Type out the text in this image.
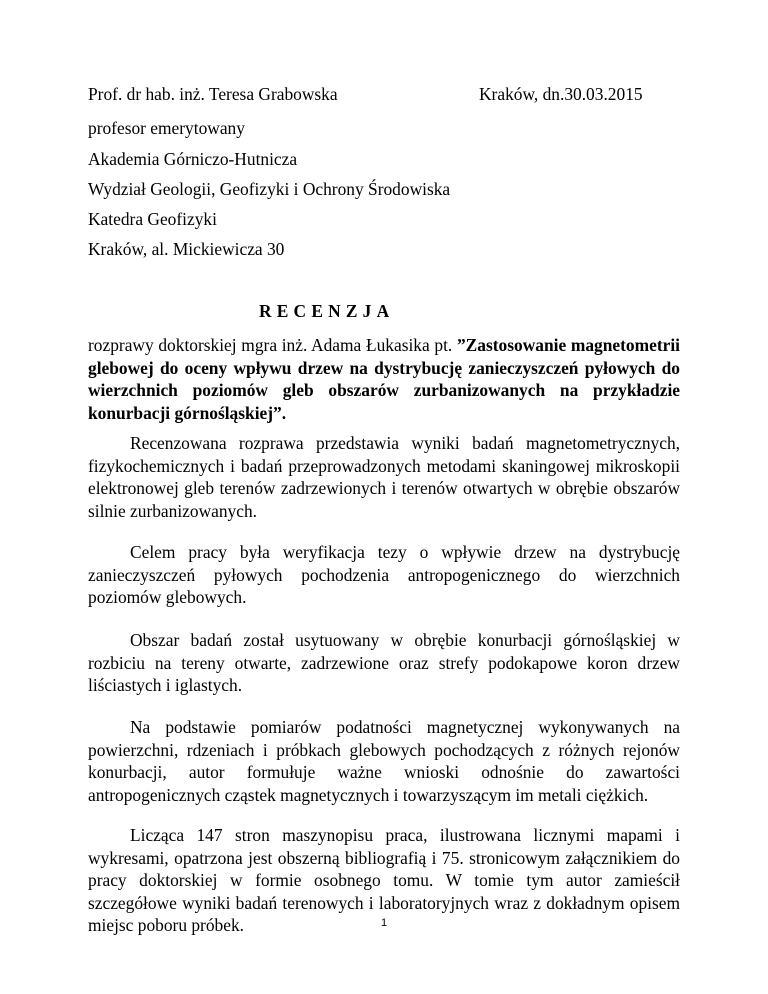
Prof. dr hab. inż. Teresa Grabowska	Kraków, dn.30.03.2015
profesor emerytowany
Akademia Górniczo-Hutnicza
Wydział Geologii, Geofizyki i Ochrony Środowiska
Katedra Geofizyki
Kraków, al. Mickiewicza 30
RECENZJA
rozprawy doktorskiej mgra inż. Adama Łukasika pt. ”Zastosowanie magnetometrii glebowej do oceny wpływu drzew na dystrybucję zanieczyszczeń pyłowych do wierzchnich poziomów gleb obszarów zurbanizowanych na przykładzie konurbacji górnośląskiej”.
Recenzowana rozprawa przedstawia wyniki badań magnetometrycznych, fizykochemicznych i badań przeprowadzonych metodami skaningowej mikroskopii elektronowej gleb terenów zadrzewionych i terenów otwartych w obrębie obszarów silnie zurbanizowanych.
Celem pracy była weryfikacja tezy o wpływie drzew na dystrybucję zanieczyszczeń pyłowych pochodzenia antropogenicznego do wierzchnich poziomów glebowych.
Obszar badań został usytuowany w obrębie konurbacji górnośląskiej w rozbiciu na tereny otwarte, zadrzewione oraz strefy podokapowe koron drzew liściastych i iglastych.
Na podstawie pomiarów podatności magnetycznej wykonywanych na powierzchni, rdzeniach i próbkach glebowych pochodzących z różnych rejonów konurbacji, autor formułuje ważne wnioski odnośnie do zawartości antropogenicznych cząstek magnetycznych i towarzyszącym im metali ciężkich.
Licząca 147 stron maszynopisu praca, ilustrowana licznymi mapami i wykresami, opatrzona jest obszerną bibliografią i 75. stronicowym załącznikiem do pracy doktorskiej w formie osobnego tomu. W tomie tym autor zamieścił szczegółowe wyniki badań terenowych i laboratoryjnych wraz z dokładnym opisem miejsc poboru próbek.	1
